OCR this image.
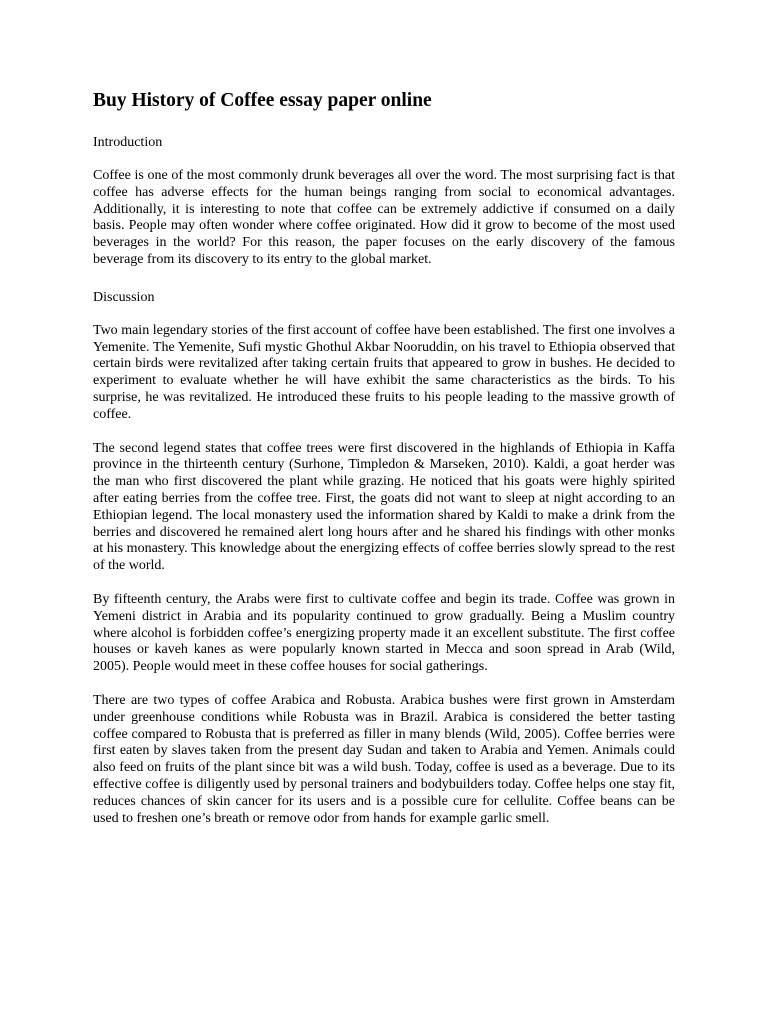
Buy History of Coffee essay paper online

Introduction

Coffee is one of the most commonly drunk beverages all over the word. The most surprising fact is that coffee has adverse effects for the human beings ranging from social to economical advantages. Additionally, it is interesting to note that coffee can be extremely addictive if consumed on a daily basis. People may often wonder where coffee originated. How did it grow to become of the most used beverages in the world? For this reason, the paper focuses on the early discovery of the famous beverage from its discovery to its entry to the global market.

Discussion

Two main legendary stories of the first account of coffee have been established. The first one involves a Yemenite. The Yemenite, Sufi mystic Ghothul Akbar Nooruddin, on his travel to Ethiopia observed that certain birds were revitalized after taking certain fruits that appeared to grow in bushes. He decided to experiment to evaluate whether he will have exhibit the same characteristics as the birds. To his surprise, he was revitalized. He introduced these fruits to his people leading to the massive growth of coffee.

The second legend states that coffee trees were first discovered in the highlands of Ethiopia in Kaffa province in the thirteenth century (Surhone, Timpledon & Marseken, 2010). Kaldi, a goat herder was the man who first discovered the plant while grazing. He noticed that his goats were highly spirited after eating berries from the coffee tree. First, the goats did not want to sleep at night according to an Ethiopian legend. The local monastery used the information shared by Kaldi to make a drink from the berries and discovered he remained alert long hours after and he shared his findings with other monks at his monastery. This knowledge about the energizing effects of coffee berries slowly spread to the rest of the world.

By fifteenth century, the Arabs were first to cultivate coffee and begin its trade. Coffee was grown in Yemeni district in Arabia and its popularity continued to grow gradually. Being a Muslim country where alcohol is forbidden coffee’s energizing property made it an excellent substitute. The first coffee houses or kaveh kanes as were popularly known started in Mecca and soon spread in Arab (Wild, 2005). People would meet in these coffee houses for social gatherings.

There are two types of coffee Arabica and Robusta. Arabica bushes were first grown in Amsterdam under greenhouse conditions while Robusta was in Brazil. Arabica is considered the better tasting coffee compared to Robusta that is preferred as filler in many blends (Wild, 2005). Coffee berries were first eaten by slaves taken from the present day Sudan and taken to Arabia and Yemen. Animals could also feed on fruits of the plant since bit was a wild bush. Today, coffee is used as a beverage. Due to its effective coffee is diligently used by personal trainers and bodybuilders today. Coffee helps one stay fit, reduces chances of skin cancer for its users and is a possible cure for cellulite. Coffee beans can be used to freshen one’s breath or remove odor from hands for example garlic smell.
